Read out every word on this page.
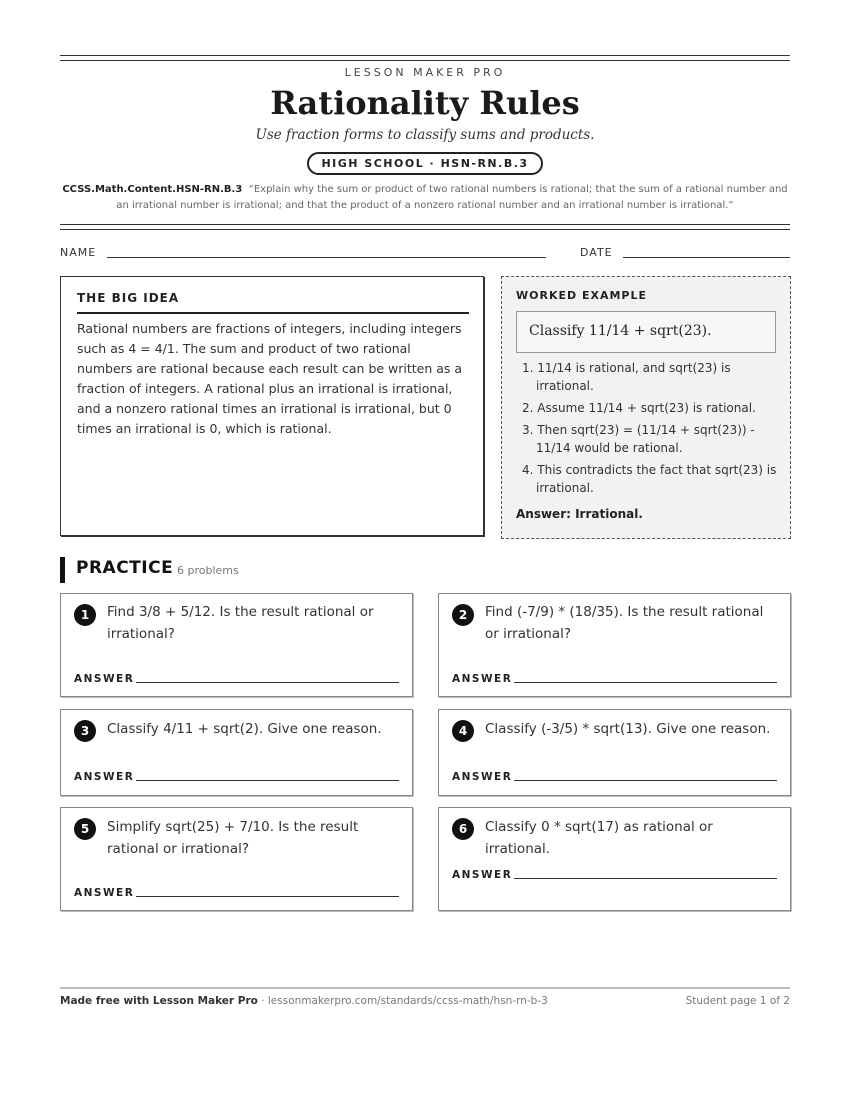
LESSON MAKER PRO
Rationality Rules
Use fraction forms to classify sums and products.
HIGH SCHOOL · HSN-RN.B.3
CCSS.Math.Content.HSN-RN.B.3 “Explain why the sum or product of two rational numbers is rational; that the sum of a rational number and an irrational number is irrational; and that the product of a nonzero rational number and an irrational number is irrational.”
NAME	DATE
THE BIG IDEA

Rational numbers are fractions of integers, including integers such as 4 = 4/1. The sum and product of two rational numbers are rational because each result can be written as a fraction of integers. A rational plus an irrational is irrational, and a nonzero rational times an irrational is irrational, but 0 times an irrational is 0, which is rational.

WORKED EXAMPLE
Classify 11/14 + sqrt(23).
1. 11/14 is rational, and sqrt(23) is irrational.
2. Assume 11/14 + sqrt(23) is rational.
3. Then sqrt(23) = (11/14 + sqrt(23)) - 11/14 would be rational.
4. This contradicts the fact that sqrt(23) is irrational.
Answer: Irrational.
PRACTICE 6 problems
1	Find 3/8 + 5/12. Is the result rational or irrational?
ANSWER
2	Find (-7/9) * (18/35). Is the result rational or irrational?
ANSWER
3	Classify 4/11 + sqrt(2). Give one reason.
ANSWER
4	Classify (-3/5) * sqrt(13). Give one reason.
ANSWER
5	Simplify sqrt(25) + 7/10. Is the result rational or irrational?
ANSWER
6	Classify 0 * sqrt(17) as rational or irrational.
ANSWER
Made free with Lesson Maker Pro · lessonmakerpro.com/standards/ccss-math/hsn-rn-b-3	Student page 1 of 2
